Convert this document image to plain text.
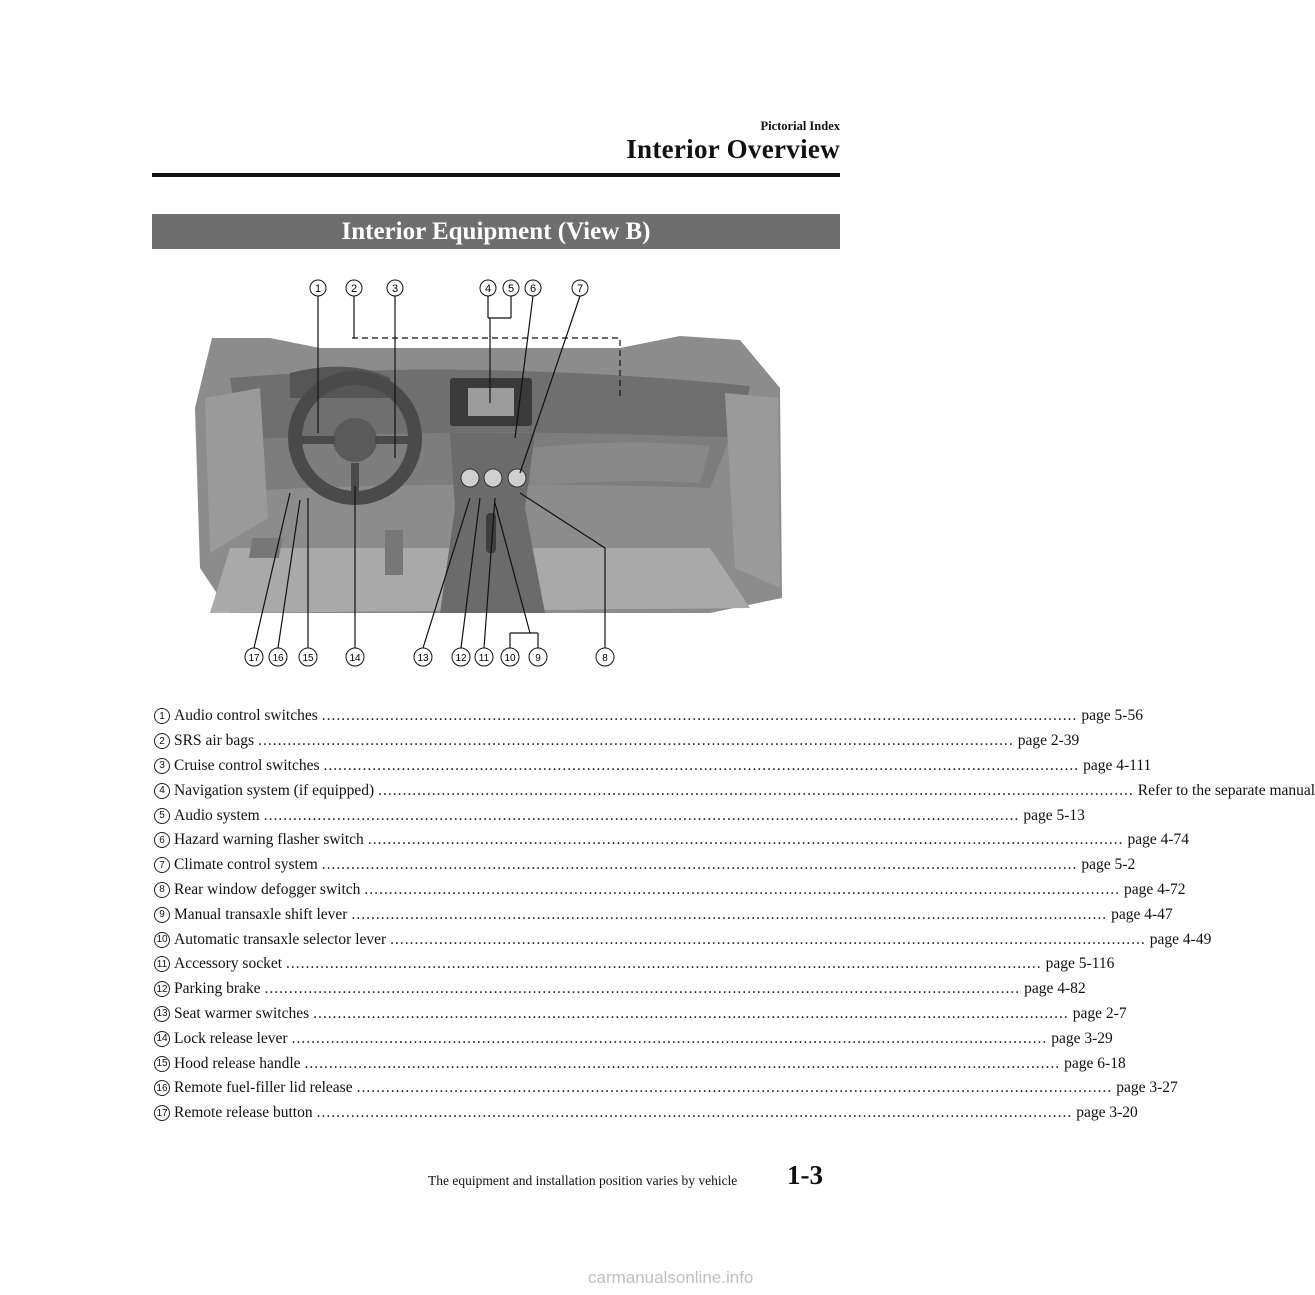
Pictorial Index
Interior Overview
Interior Equipment (View B)
1	2	3	4 5 6	7
17 16 15	14	13	12 11 10 9	8
1 Audio control switches ........................................................................................................................................................... page 5-56
2 SRS air bags ........................................................................................................................................................... page 2-39
3 Cruise control switches ........................................................................................................................................................... page 4-111
4 Navigation system (if equipped) ........................................................................................................................................................... Refer to the separate manual
5 Audio system ........................................................................................................................................................... page 5-13
6 Hazard warning flasher switch ........................................................................................................................................................... page 4-74
7 Climate control system ........................................................................................................................................................... page 5-2
8 Rear window defogger switch ........................................................................................................................................................... page 4-72
9 Manual transaxle shift lever ........................................................................................................................................................... page 4-47
10 Automatic transaxle selector lever ........................................................................................................................................................... page 4-49
11 Accessory socket ........................................................................................................................................................... page 5-116
12 Parking brake ........................................................................................................................................................... page 4-82
13 Seat warmer switches ........................................................................................................................................................... page 2-7
14 Lock release lever ........................................................................................................................................................... page 3-29
15 Hood release handle ........................................................................................................................................................... page 6-18
16 Remote fuel-filler lid release ........................................................................................................................................................... page 3-27
17 Remote release button ........................................................................................................................................................... page 3-20
The equipment and installation position varies by vehicle 1-3
carmanualsonline.info
